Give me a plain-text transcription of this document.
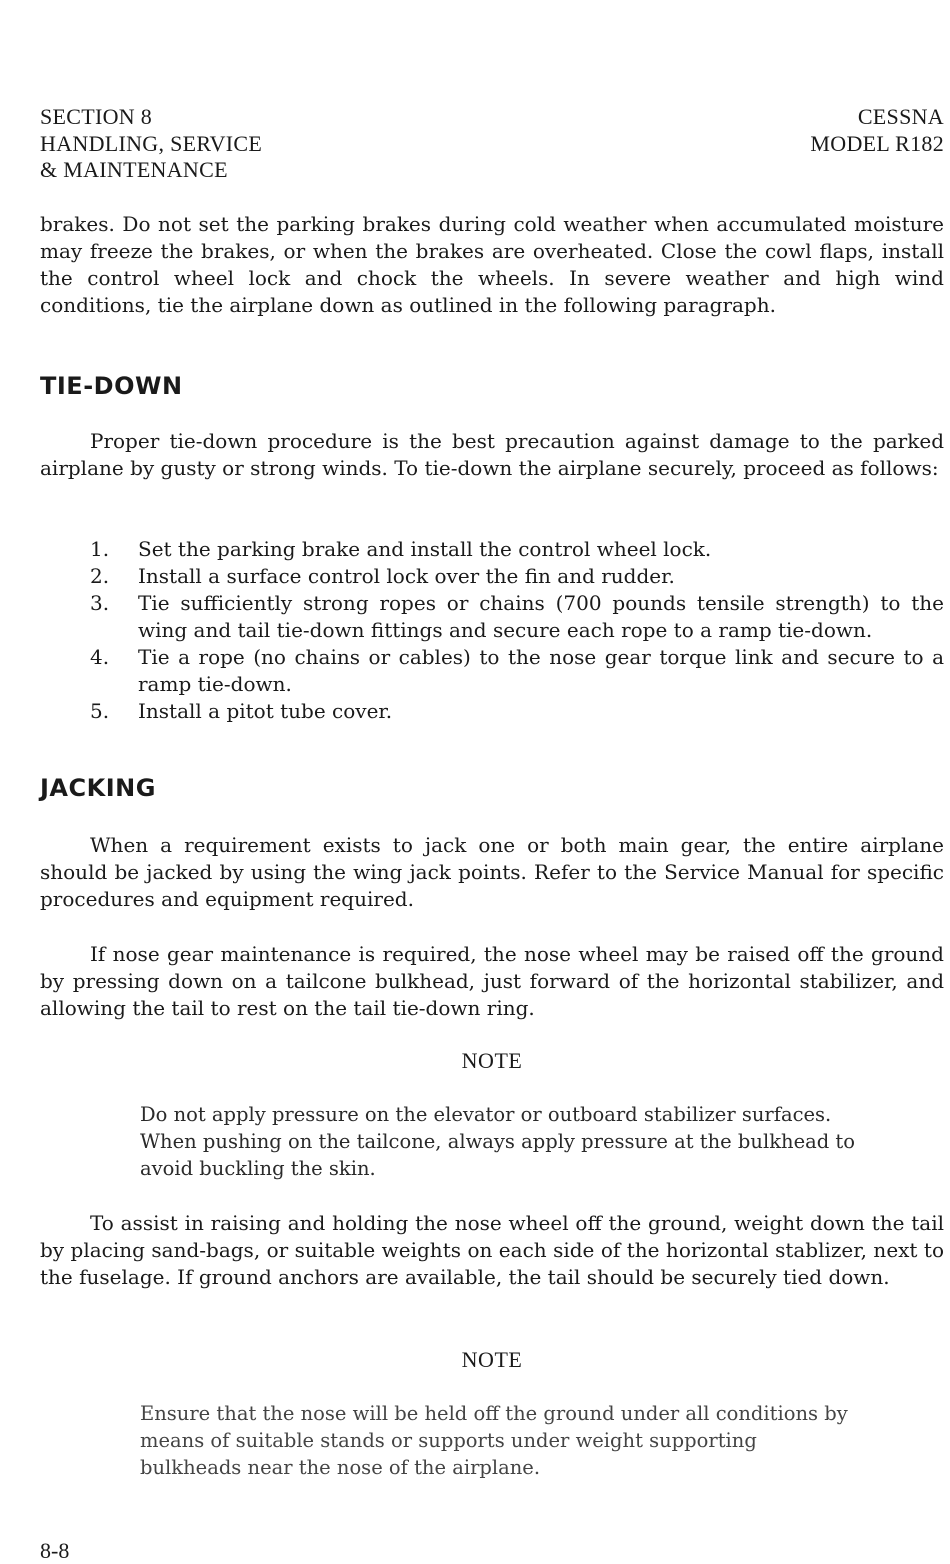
SECTION 8
HANDLING, SERVICE
& MAINTENANCE
CESSNA
MODEL R182

brakes. Do not set the parking brakes during cold weather when accumulated moisture may freeze the brakes, or when the brakes are overheated. Close the cowl flaps, install the control wheel lock and chock the wheels. In severe weather and high wind conditions, tie the airplane down as outlined in the following paragraph.

TIE-DOWN

Proper tie-down procedure is the best precaution against damage to the parked airplane by gusty or strong winds. To tie-down the airplane securely, proceed as follows:

1.	Set the parking brake and install the control wheel lock.
2.	Install a surface control lock over the fin and rudder.
3.	Tie sufficiently strong ropes or chains (700 pounds tensile strength) to the wing and tail tie-down fittings and secure each rope to a ramp tie-down.
4.	Tie a rope (no chains or cables) to the nose gear torque link and secure to a ramp tie-down.
5.	Install a pitot tube cover.
JACKING

When a requirement exists to jack one or both main gear, the entire airplane should be jacked by using the wing jack points. Refer to the Service Manual for specific procedures and equipment required.

If nose gear maintenance is required, the nose wheel may be raised off the ground by pressing down on a tailcone bulkhead, just forward of the horizontal stabilizer, and allowing the tail to rest on the tail tie-down ring.

NOTE
Do not apply pressure on the elevator or outboard stabilizer surfaces. When pushing on the tailcone, always apply pressure at the bulkhead to avoid buckling the skin.

To assist in raising and holding the nose wheel off the ground, weight down the tail by placing sand-bags, or suitable weights on each side of the horizontal stablizer, next to the fuselage. If ground anchors are available, the tail should be securely tied down.

NOTE
Ensure that the nose will be held off the ground under all conditions by means of suitable stands or supports under weight supporting bulkheads near the nose of the airplane.
8-8
